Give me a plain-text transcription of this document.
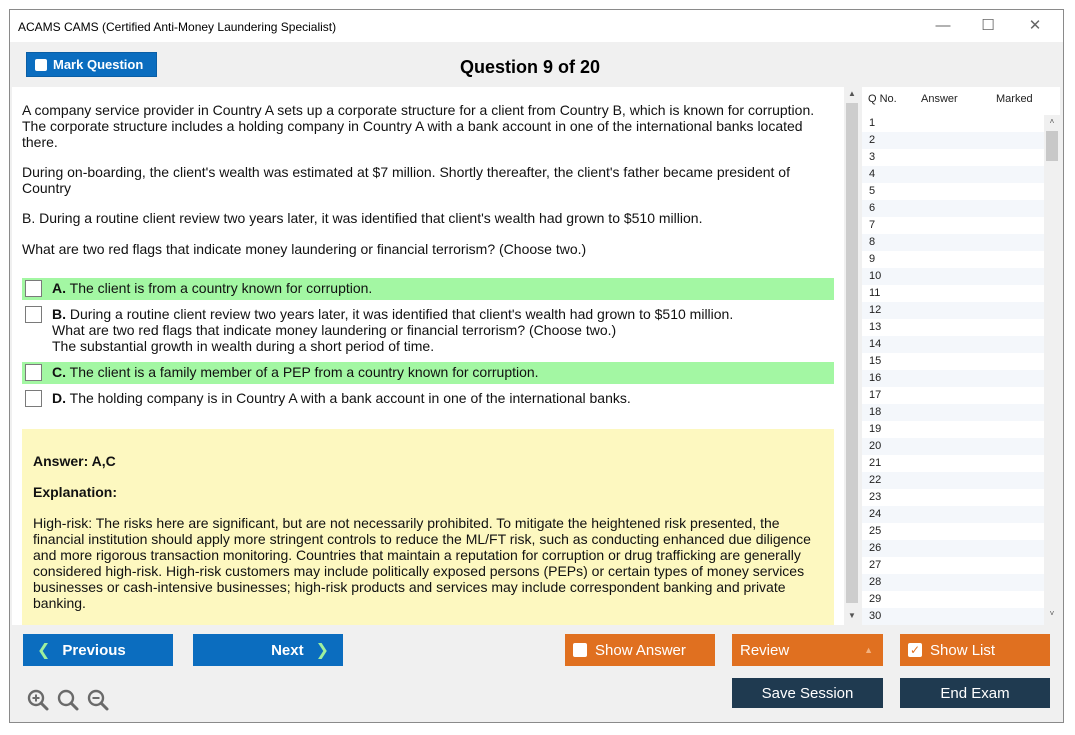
ACAMS CAMS (Certified Anti-Money Laundering Specialist)	—	☐	✕
Mark Question	Question 9 of 20
A company service provider in Country A sets up a corporate structure for a client from Country B, which is known for corruption. The corporate structure includes a holding company in Country A with a bank account in one of the international banks located there.
During on-boarding, the client's wealth was estimated at $7 million. Shortly thereafter, the client's father became president of Country
B. During a routine client review two years later, it was identified that client's wealth had grown to $510 million.
What are two red flags that indicate money laundering or financial terrorism? (Choose two.)
A. The client is from a country known for corruption.
B. During a routine client review two years later, it was identified that client's wealth had grown to $510 million.
What are two red flags that indicate money laundering or financial terrorism? (Choose two.)
The substantial growth in wealth during a short period of time.
C. The client is a family member of a PEP from a country known for corruption.
D. The holding company is in Country A with a bank account in one of the international banks.
Answer: A,C
Explanation:
High-risk: The risks here are significant, but are not necessarily prohibited. To mitigate the heightened risk presented, the financial institution should apply more stringent controls to reduce the ML/FT risk, such as conducting enhanced due diligence and more rigorous transaction monitoring. Countries that maintain a reputation for corruption or drug trafficking are generally considered high-risk. High-risk customers may include politically exposed persons (PEPs) or certain types of money services businesses or cash-intensive businesses; high-risk products and services may include correspondent banking and private banking.
▲
▼
Q No. Answer	Marked
1
2
3
4
5
6
7
8
9
10
11
12
13
14
15
16
17
18
19
20
21
22
23
24
25
26
27
28
29
30
˄
˅
❮ Previous	Next ❯	Show Answer	Review	▲	✓ Show List
Save Session	End Exam
